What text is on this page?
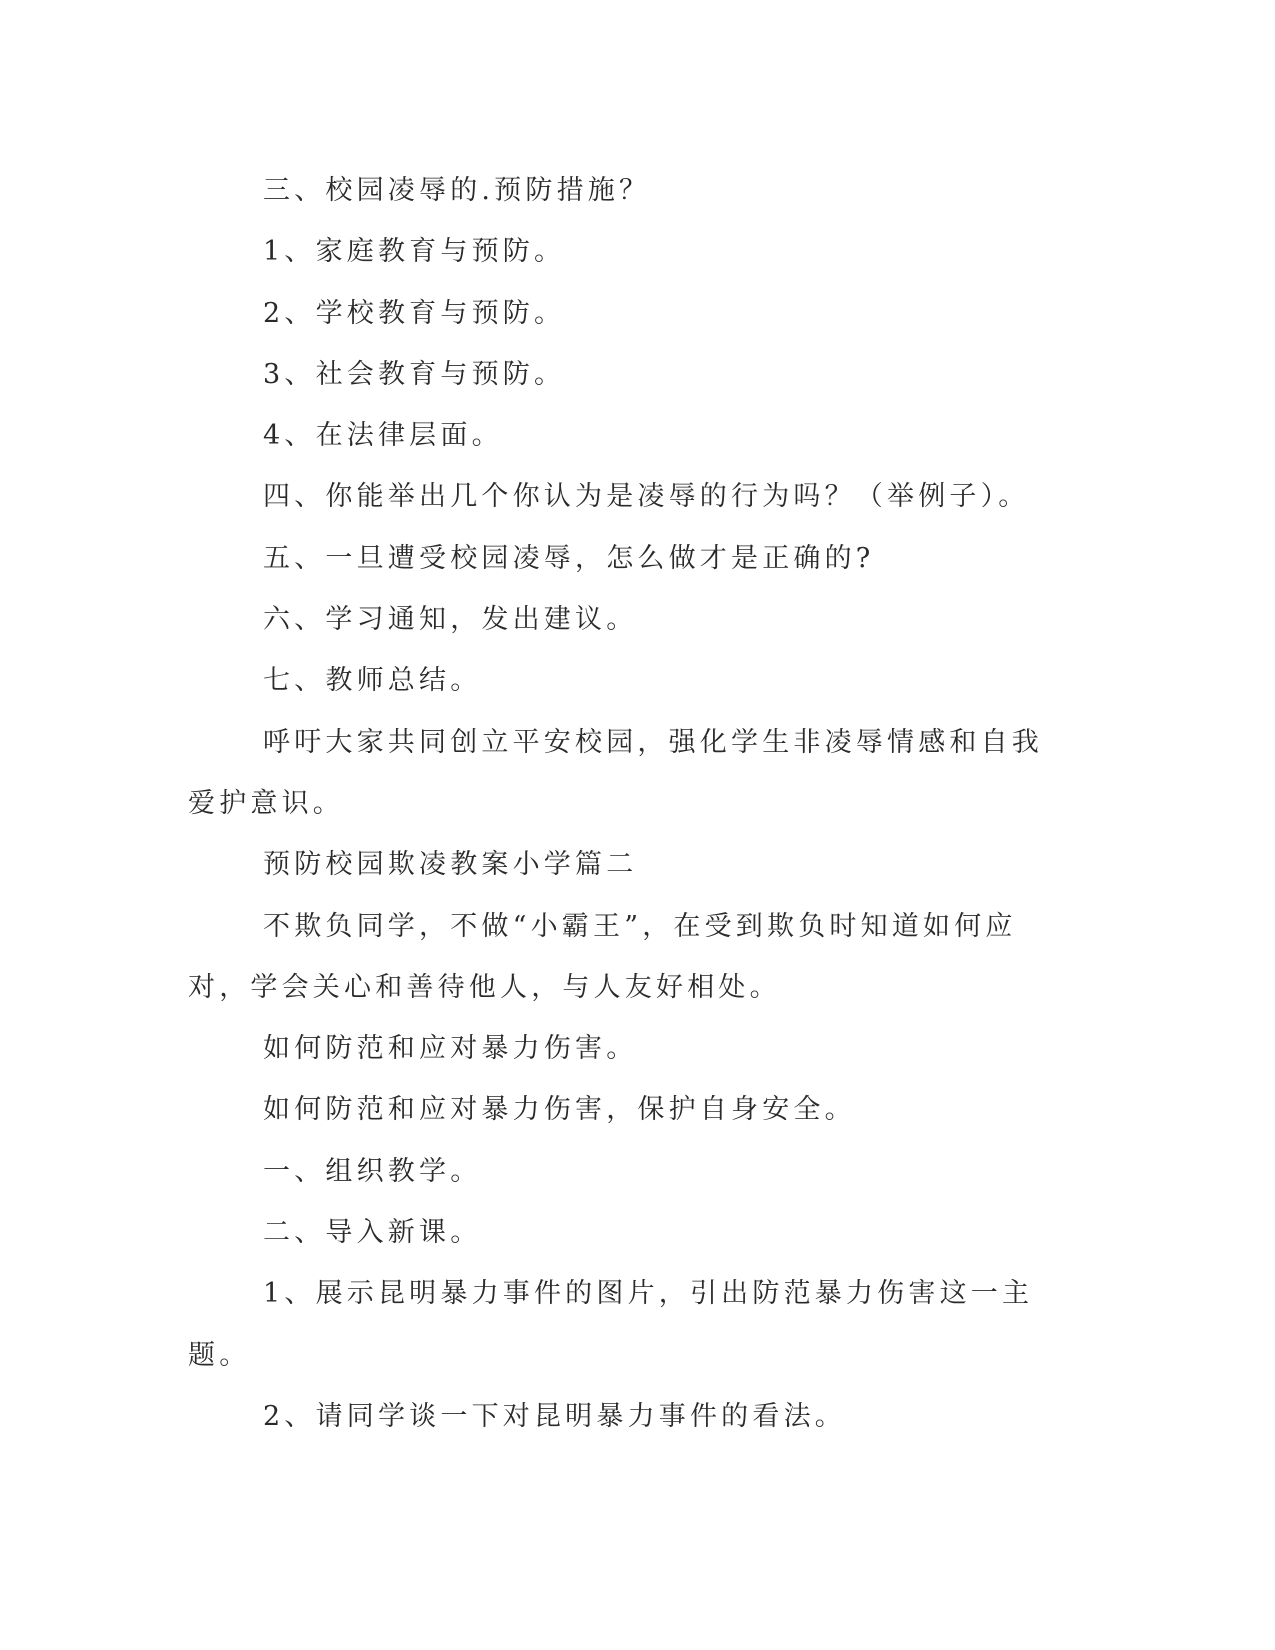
三、校园凌辱的.预防措施？

1、家庭教育与预防。

2、学校教育与预防。

3、社会教育与预防。

4、在法律层面。

四、你能举出几个你认为是凌辱的行为吗？（举例子）。

五、一旦遭受校园凌辱，怎么做才是正确的?

六、学习通知，发出建议。

七、教师总结。

呼吁大家共同创立平安校园，强化学生非凌辱情感和自我爱护意识。

预防校园欺凌教案小学篇二

不欺负同学，不做“小霸王”，在受到欺负时知道如何应对，学会关心和善待他人，与人友好相处。

如何防范和应对暴力伤害。

如何防范和应对暴力伤害，保护自身安全。

一、组织教学。

二、导入新课。

1、展示昆明暴力事件的图片，引出防范暴力伤害这一主题。

2、请同学谈一下对昆明暴力事件的看法。
